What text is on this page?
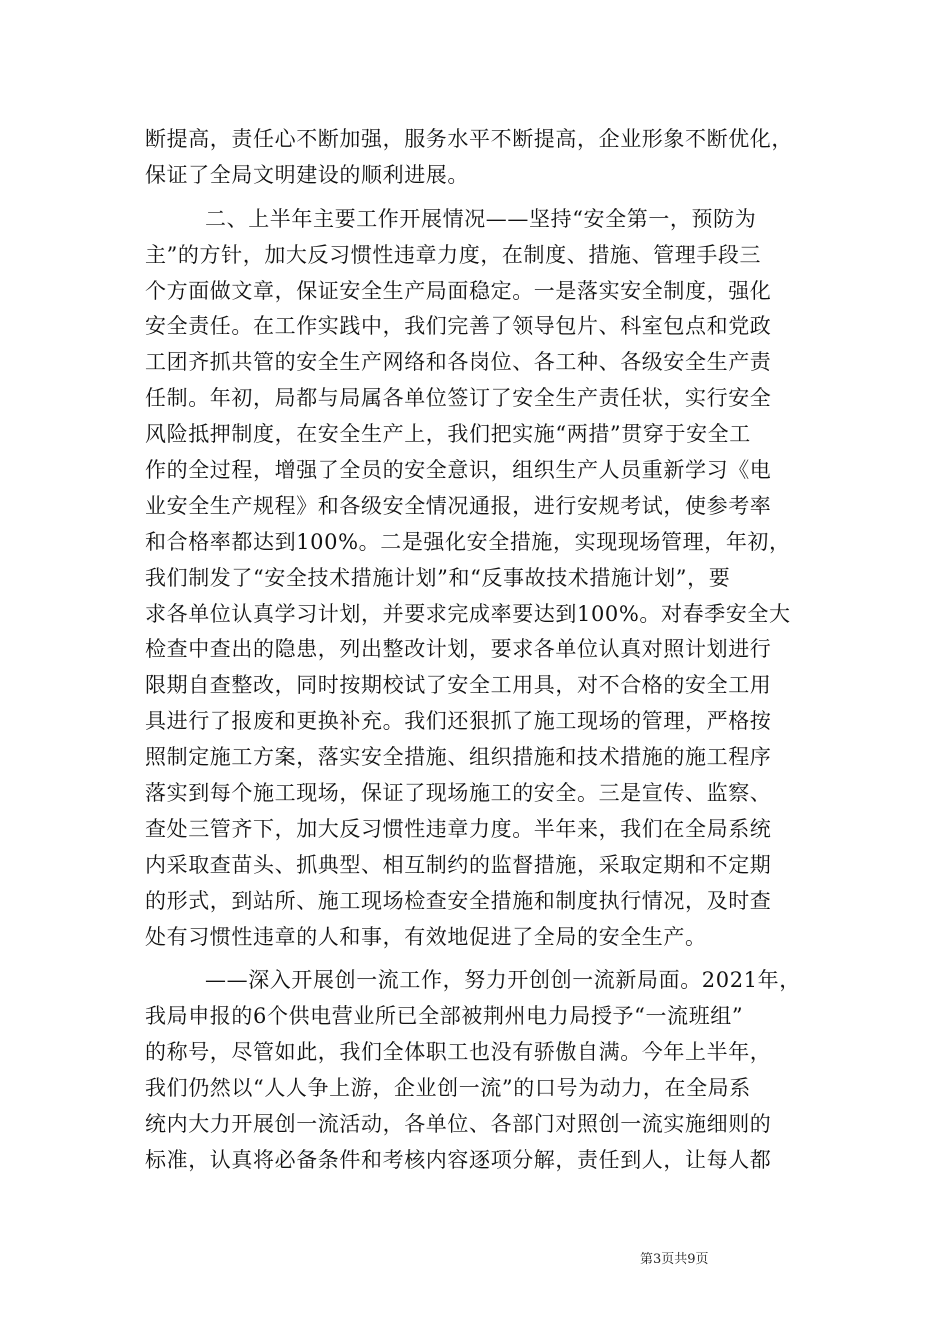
断提高，责任心不断加强，服务水平不断提高，企业形象不断优化，
保证了全局文明建设的顺利进展。
二、上半年主要工作开展情况——坚持“安全第一，预防为
主”的方针，加大反习惯性违章力度，在制度、措施、管理手段三
个方面做文章，保证安全生产局面稳定。一是落实安全制度，强化
安全责任。在工作实践中，我们完善了领导包片、科室包点和党政
工团齐抓共管的安全生产网络和各岗位、各工种、各级安全生产责
任制。年初，局都与局属各单位签订了安全生产责任状，实行安全
风险抵押制度，在安全生产上，我们把实施“两措”贯穿于安全工
作的全过程，增强了全员的安全意识，组织生产人员重新学习《电
业安全生产规程》和各级安全情况通报，进行安规考试，使参考率
和合格率都达到100%。二是强化安全措施，实现现场管理，年初，
我们制发了“安全技术措施计划”和“反事故技术措施计划”，要
求各单位认真学习计划，并要求完成率要达到100%。对春季安全大
检查中查出的隐患，列出整改计划，要求各单位认真对照计划进行
限期自查整改，同时按期校试了安全工用具，对不合格的安全工用
具进行了报废和更换补充。我们还狠抓了施工现场的管理，严格按
照制定施工方案，落实安全措施、组织措施和技术措施的施工程序
落实到每个施工现场，保证了现场施工的安全。三是宣传、监察、
查处三管齐下，加大反习惯性违章力度。半年来，我们在全局系统
内采取查苗头、抓典型、相互制约的监督措施，采取定期和不定期
的形式，到站所、施工现场检查安全措施和制度执行情况，及时查
处有习惯性违章的人和事，有效地促进了全局的安全生产。
——深入开展创一流工作，努力开创创一流新局面。2021年，
我局申报的6个供电营业所已全部被荆州电力局授予“一流班组”
的称号，尽管如此，我们全体职工也没有骄傲自满。今年上半年，
我们仍然以“人人争上游，企业创一流”的口号为动力，在全局系
统内大力开展创一流活动，各单位、各部门对照创一流实施细则的
标准，认真将必备条件和考核内容逐项分解，责任到人，让每人都
第3页共9页
